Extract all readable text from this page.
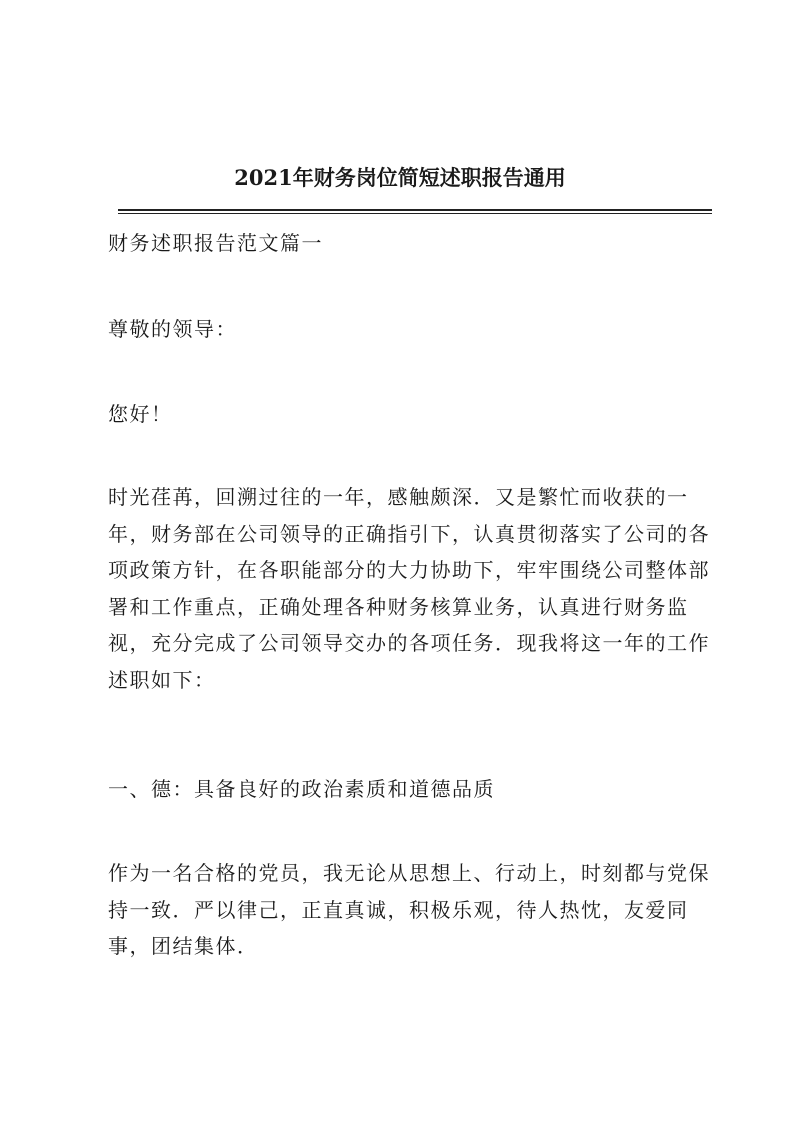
2021年财务岗位简短述职报告通用

财务述职报告范文篇一

尊敬的领导：

您好！

时光荏苒，回溯过往的一年，感触颇深．又是繁忙而收获的一
年，财务部在公司领导的正确指引下，认真贯彻落实了公司的各
项政策方针，在各职能部分的大力协助下，牢牢围绕公司整体部
署和工作重点，正确处理各种财务核算业务，认真进行财务监
视，充分完成了公司领导交办的各项任务．现我将这一年的工作
述职如下：

一、德：具备良好的政治素质和道德品质

作为一名合格的党员，我无论从思想上、行动上，时刻都与党保
持一致．严以律己，正直真诚，积极乐观，待人热忱，友爱同
事，团结集体．
